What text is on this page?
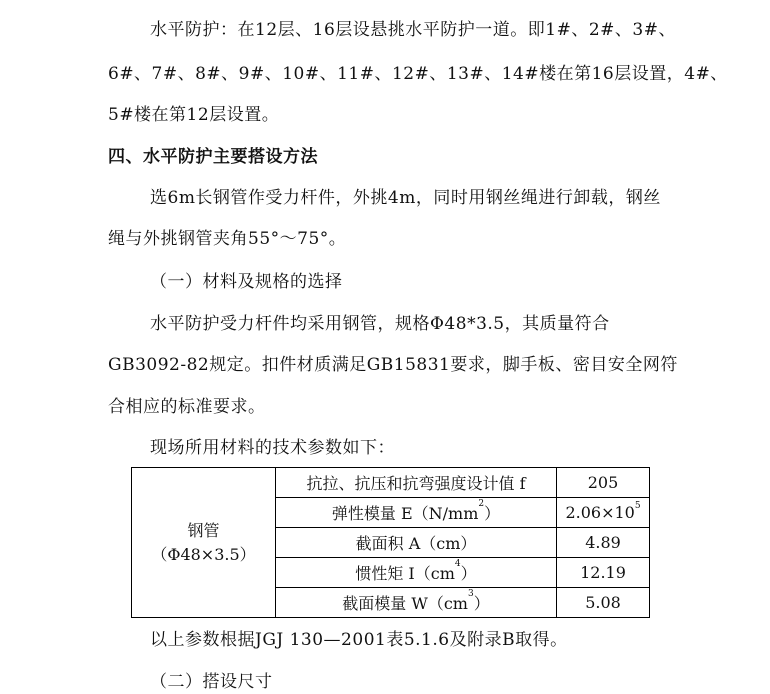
水平防护：在12层、16层设悬挑水平防护一道。即1#、2#、3#、
6#、7#、8#、9#、10#、11#、12#、13#、14#楼在第16层设置，4#、
5#楼在第12层设置。
四、水平防护主要搭设方法
选6m长钢管作受力杆件，外挑4m，同时用钢丝绳进行卸载，钢丝
绳与外挑钢管夹角55°～75°。
（一）材料及规格的选择
水平防护受力杆件均采用钢管，规格Φ48*3.5，其质量符合
GB3092-82规定。扣件材质满足GB15831要求，脚手板、密目安全网符
合相应的标准要求。
现场所用材料的技术参数如下：
钢管
（Φ48×3.5）	抗拉、抗压和抗弯强度设计值 f	205
	弹性模量 $E(N/mm^2)$	$2.06\times 10^5$
	截面积 A（cm）	4.89
	惯性矩 $I(cm^4)$	12.19
	截面模量 $W(cm^3)$	5.08
以上参数根据JGJ 130—2001表5.1.6及附录B取得。
（二）搭设尺寸
